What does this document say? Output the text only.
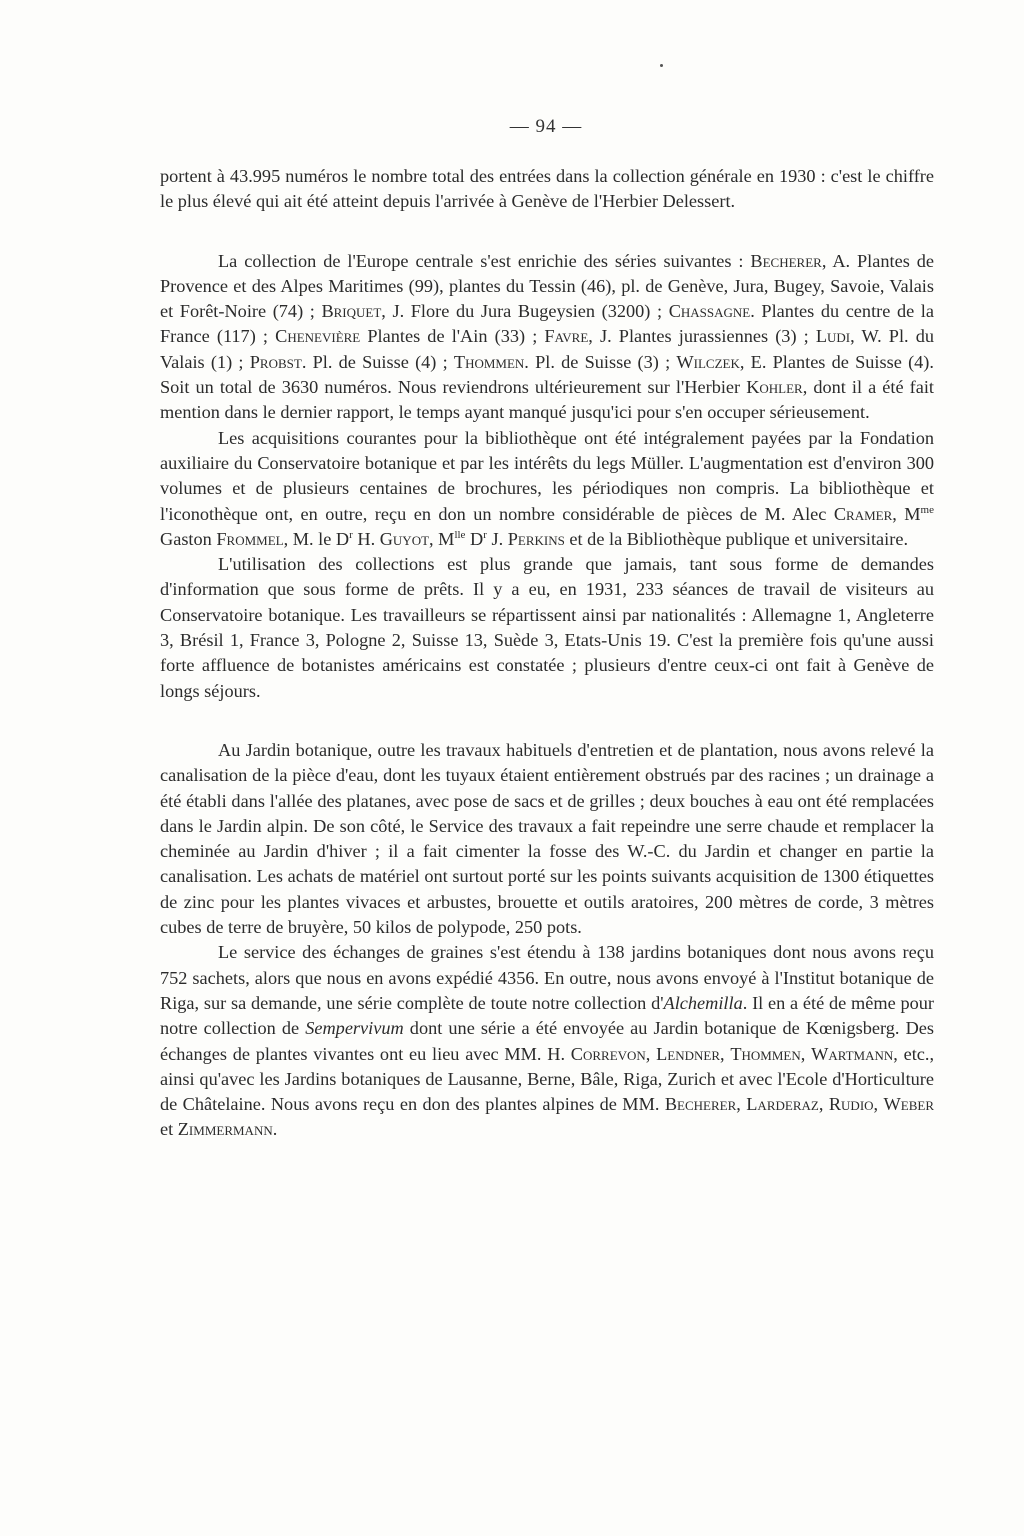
— 94 —

portent à 43.995 numéros le nombre total des entrées dans la collection générale en 1930 : c'est le chiffre le plus élevé qui ait été atteint depuis l'arrivée à Genève de l'Herbier Delessert.

La collection de l'Europe centrale s'est enrichie des séries suivantes : Becherer, A. Plantes de Provence et des Alpes Maritimes (99), plantes du Tessin (46), pl. de Genève, Jura, Bugey, Savoie, Valais et Forêt-Noire (74) ; Briquet, J. Flore du Jura Bugeysien (3200) ; Chassagne. Plantes du centre de la France (117) ; Chenevière Plantes de l'Ain (33) ; Favre, J. Plantes jurassiennes (3) ; Ludi, W. Pl. du Valais (1) ; Probst. Pl. de Suisse (4) ; Thommen. Pl. de Suisse (3) ; Wilczek, E. Plantes de Suisse (4). Soit un total de 3630 numéros. Nous reviendrons ultérieurement sur l'Herbier Kohler, dont il a été fait mention dans le dernier rapport, le temps ayant manqué jusqu'ici pour s'en occuper sérieusement.

Les acquisitions courantes pour la bibliothèque ont été intégralement payées par la Fondation auxiliaire du Conservatoire botanique et par les intérêts du legs Müller. L'augmentation est d'environ 300 volumes et de plusieurs centaines de brochures, les périodiques non compris. La bibliothèque et l'iconothèque ont, en outre, reçu en don un nombre considérable de pièces de M. Alec Cramer, $M^{me}$ Gaston Frommel, M. le $D^r$ H. Guyot, $M^{lle}$ $D^r$ J. Perkins et de la Bibliothèque publique et universitaire.

L'utilisation des collections est plus grande que jamais, tant sous forme de demandes d'information que sous forme de prêts. Il y a eu, en 1931, 233 séances de travail de visiteurs au Conservatoire botanique. Les travailleurs se répartissent ainsi par nationalités : Allemagne 1, Angleterre 3, Brésil 1, France 3, Pologne 2, Suisse 13, Suède 3, Etats-Unis 19. C'est la première fois qu'une aussi forte affluence de botanistes américains est constatée ; plusieurs d'entre ceux-ci ont fait à Genève de longs séjours.

Au Jardin botanique, outre les travaux habituels d'entretien et de plantation, nous avons relevé la canalisation de la pièce d'eau, dont les tuyaux étaient entièrement obstrués par des racines ; un drainage a été établi dans l'allée des platanes, avec pose de sacs et de grilles ; deux bouches à eau ont été remplacées dans le Jardin alpin. De son côté, le Service des travaux a fait repeindre une serre chaude et remplacer la cheminée au Jardin d'hiver ; il a fait cimenter la fosse des W.-C. du Jardin et changer en partie la canalisation. Les achats de matériel ont surtout porté sur les points suivants acquisition de 1300 étiquettes de zinc pour les plantes vivaces et arbustes, brouette et outils aratoires, 200 mètres de corde, 3 mètres cubes de terre de bruyère, 50 kilos de polypode, 250 pots.

Le service des échanges de graines s'est étendu à 138 jardins botaniques dont nous avons reçu 752 sachets, alors que nous en avons expédié 4356. En outre, nous avons envoyé à l'Institut botanique de Riga, sur sa demande, une série complète de toute notre collection d'Alchemilla. Il en a été de même pour notre collection de Sempervivum dont une série a été envoyée au Jardin botanique de Kœnigsberg. Des échanges de plantes vivantes ont eu lieu avec MM. H. Correvon, Lendner, Thommen, Wartmann, etc., ainsi qu'avec les Jardins botaniques de Lausanne, Berne, Bâle, Riga, Zurich et avec l'Ecole d'Horticulture de Châtelaine. Nous avons reçu en don des plantes alpines de MM. Becherer, Larderaz, Rudio, Weber et Zimmermann.
